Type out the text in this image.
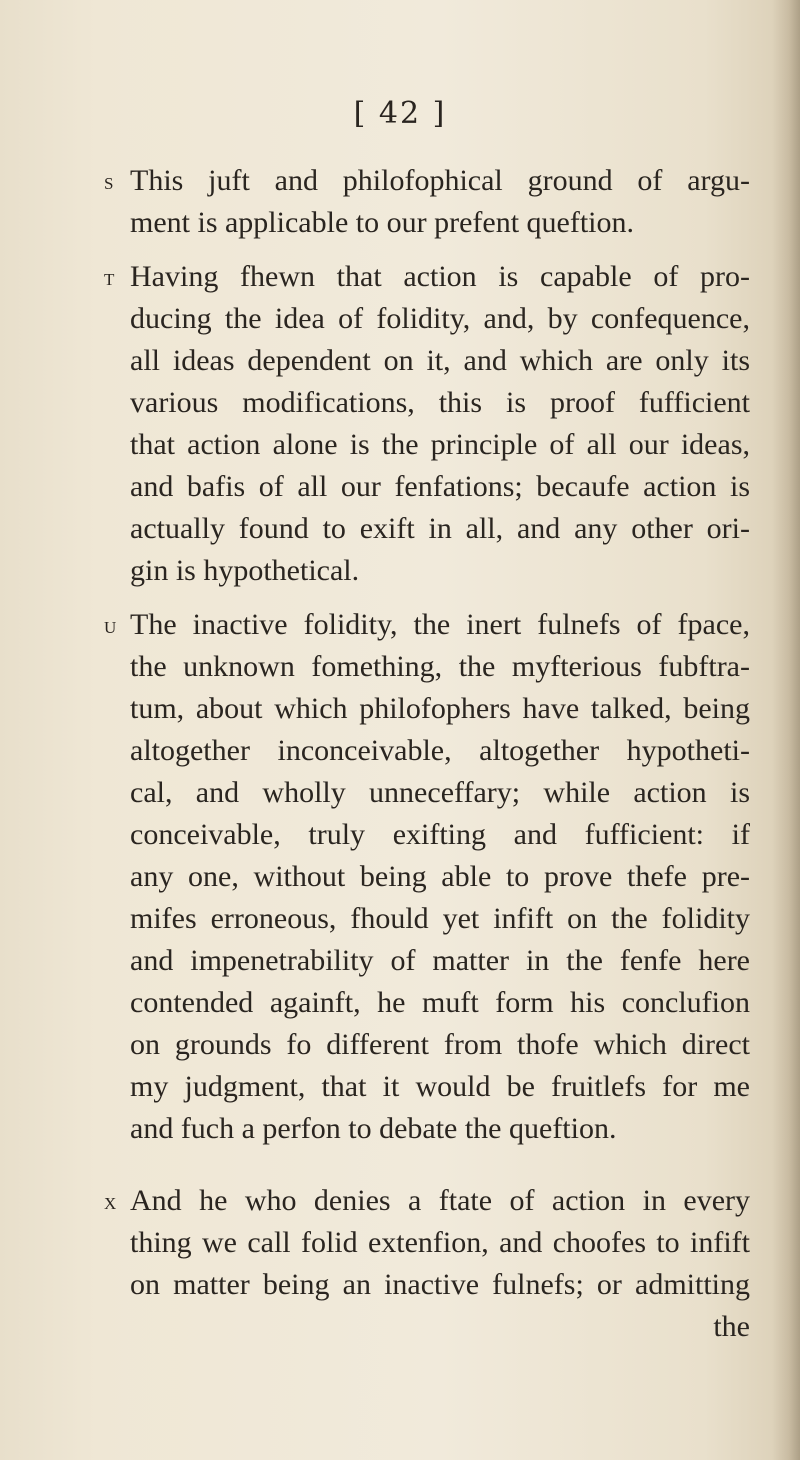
[ 42 ]
S This juft and philofophical ground of argu-
ment is applicable to our prefent queftion.
T Having fhewn that action is capable of pro-
ducing the idea of folidity, and, by confequence,
all ideas dependent on it, and which are only its
various modifications, this is proof fufficient
that action alone is the principle of all our ideas,
and bafis of all our fenfations; becaufe action is
actually found to exift in all, and any other ori-
gin is hypothetical.
U The inactive folidity, the inert fulnefs of fpace,
the unknown fomething, the myfterious fubftra-
tum, about which philofophers have talked, being
altogether inconceivable, altogether hypotheti-
cal, and wholly unneceffary; while action is
conceivable, truly exifting and fufficient: if
any one, without being able to prove thefe pre-
mifes erroneous, fhould yet infift on the folidity
and impenetrability of matter in the fenfe here
contended againft, he muft form his conclufion
on grounds fo different from thofe which direct
my judgment, that it would be fruitlefs for me
and fuch a perfon to debate the queftion.
X And he who denies a ftate of action in every
thing we call folid extenfion, and choofes to infift
on matter being an inactive fulnefs; or admitting
the
